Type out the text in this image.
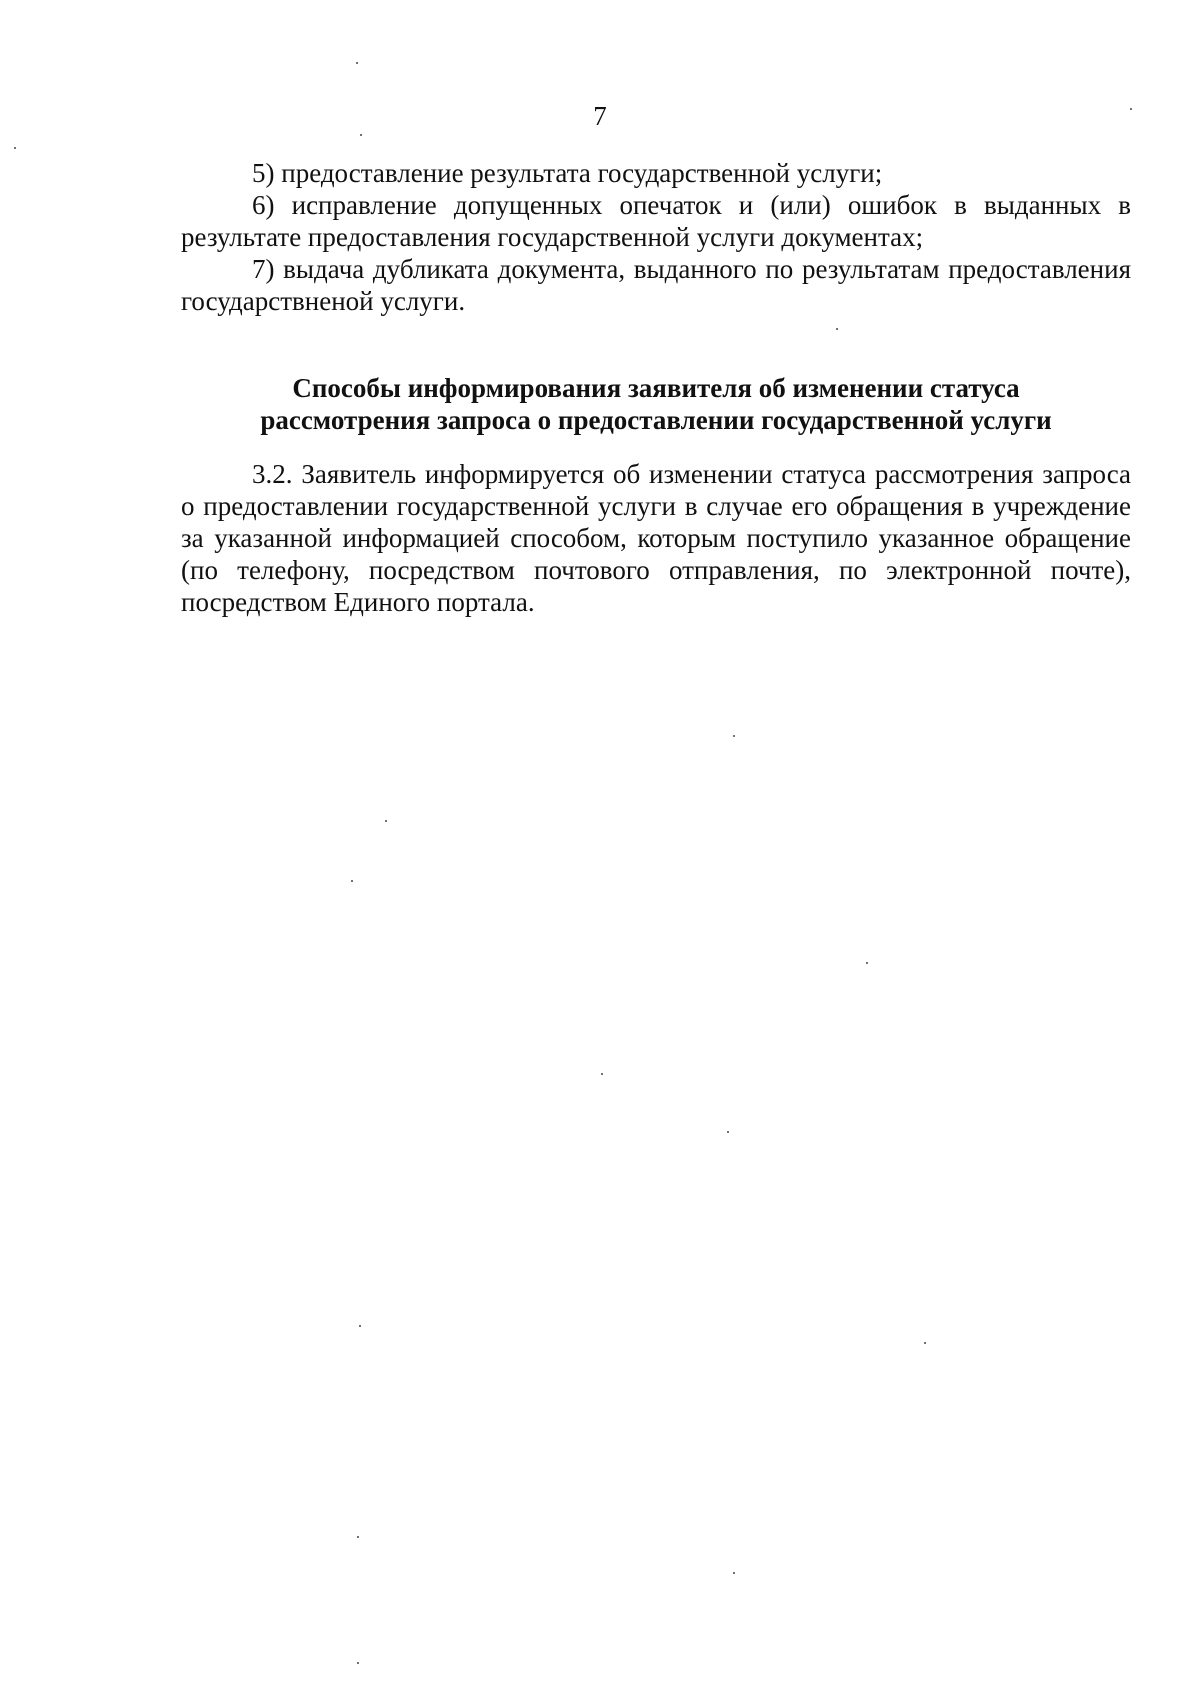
7

5) предоставление результата государственной услуги;

6) исправление допущенных опечаток и (или) ошибок в выданных в результате предоставления государственной услуги документах;

7) выдача дубликата документа, выданного по результатам предоставления государствненой услуги.

Способы информирования заявителя об изменении статуса

рассмотрения запроса о предоставлении государственной услуги

3.2. Заявитель информируется об изменении статуса рассмотрения запроса о предоставлении государственной услуги в случае его обращения в учреждение за указанной информацией способом, которым поступило указанное обращение (по телефону, посредством почтового отправления, по электронной почте), посредством Единого портала.
